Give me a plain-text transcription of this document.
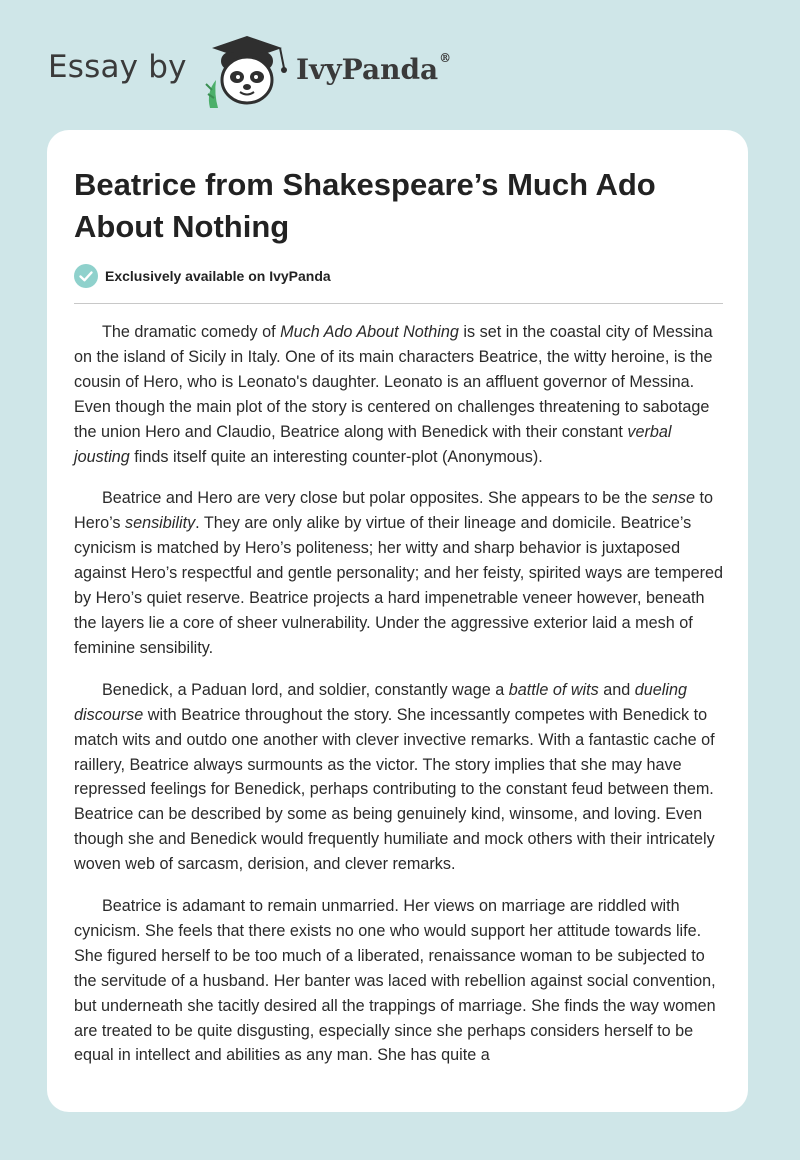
Essay by	IvyPanda®
Beatrice from Shakespeare’s Much Ado About Nothing
Exclusively available on IvyPanda

The dramatic comedy of Much Ado About Nothing is set in the coastal city of Messina on the island of Sicily in Italy. One of its main characters Beatrice, the witty heroine, is the cousin of Hero, who is Leonato's daughter. Leonato is an affluent governor of Messina. Even though the main plot of the story is centered on challenges threatening to sabotage the union Hero and Claudio, Beatrice along with Benedick with their constant verbal jousting finds itself quite an interesting counter-plot (Anonymous).

Beatrice and Hero are very close but polar opposites. She appears to be the sense to Hero’s sensibility. They are only alike by virtue of their lineage and domicile. Beatrice’s cynicism is matched by Hero’s politeness; her witty and sharp behavior is juxtaposed against Hero’s respectful and gentle personality; and her feisty, spirited ways are tempered by Hero’s quiet reserve. Beatrice projects a hard impenetrable veneer however, beneath the layers lie a core of sheer vulnerability. Under the aggressive exterior laid a mesh of feminine sensibility.

Benedick, a Paduan lord, and soldier, constantly wage a battle of wits and dueling discourse with Beatrice throughout the story. She incessantly competes with Benedick to match wits and outdo one another with clever invective remarks. With a fantastic cache of raillery, Beatrice always surmounts as the victor. The story implies that she may have repressed feelings for Benedick, perhaps contributing to the constant feud between them. Beatrice can be described by some as being genuinely kind, winsome, and loving. Even though she and Benedick would frequently humiliate and mock others with their intricately woven web of sarcasm, derision, and clever remarks.

Beatrice is adamant to remain unmarried. Her views on marriage are riddled with cynicism. She feels that there exists no one who would support her attitude towards life. She figured herself to be too much of a liberated, renaissance woman to be subjected to the servitude of a husband. Her banter was laced with rebellion against social convention, but underneath she tacitly desired all the trappings of marriage. She finds the way women are treated to be quite disgusting, especially since she perhaps considers herself to be equal in intellect and abilities as any man. She has quite a
